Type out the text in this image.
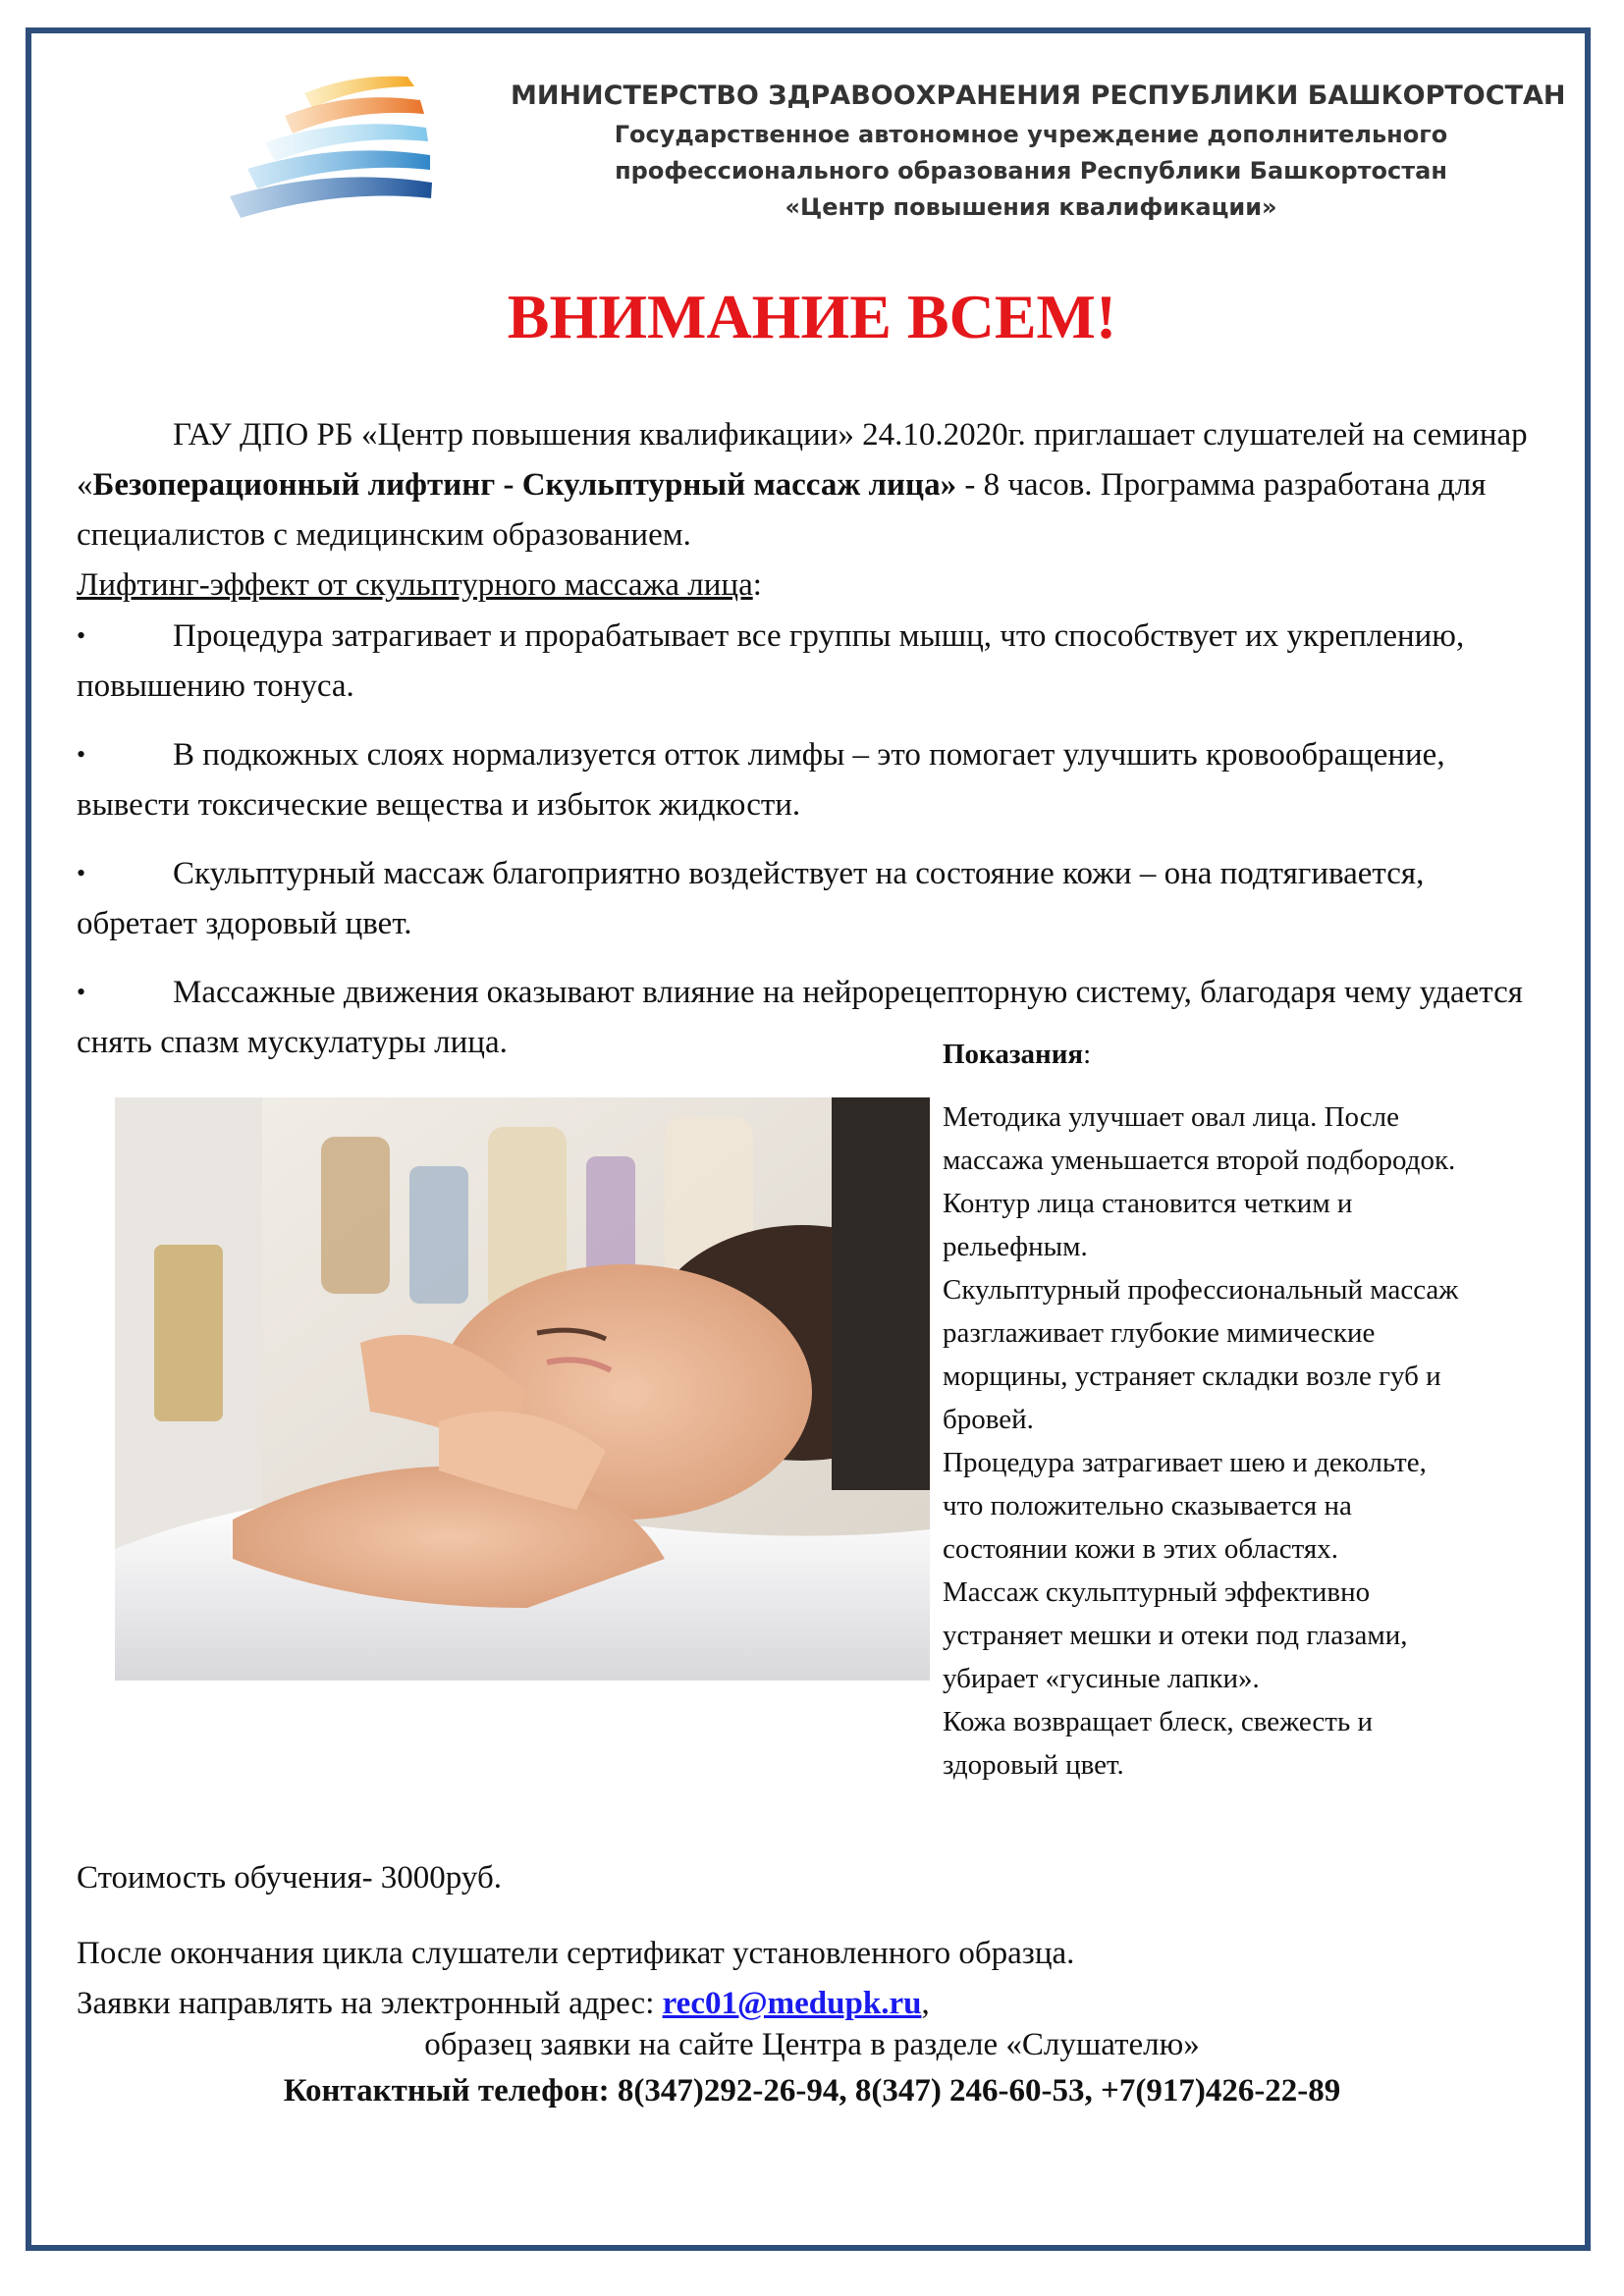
МИНИСТЕРСТВО ЗДРАВООХРАНЕНИЯ РЕСПУБЛИКИ БАШКОРТОСТАН
Государственное автономное учреждение дополнительного
профессионального образования Республики Башкортостан
«Центр повышения квалификации»
ВНИМАНИЕ ВСЕМ!
ГАУ ДПО РБ «Центр повышения квалификации» 24.10.2020г. приглашает слушателей на семинар «Безоперационный лифтинг - Скульптурный массаж лица» - 8 часов. Программа разработана для специалистов с медицинским образованием.
Лифтинг-эффект от скульптурного массажа лица:
•	Процедура затрагивает и прорабатывает все группы мышц, что способствует их укреплению, повышению тонуса.
•	В подкожных слоях нормализуется отток лимфы – это помогает улучшить кровообращение, вывести токсические вещества и избыток жидкости.
•	Скульптурный массаж благоприятно воздействует на состояние кожи – она подтягивается, обретает здоровый цвет.
•	Массажные движения оказывают влияние на нейрорецепторную систему, благодаря чему удается снять спазм мускулатуры лица.	Показания:
Методика улучшает овал лица. После
массажа уменьшается второй подбородок.
Контур лица становится четким и
рельефным.
Скульптурный профессиональный массаж
разглаживает глубокие мимические
морщины, устраняет складки возле губ и
бровей.
Процедура затрагивает шею и декольте,
что положительно сказывается на
состоянии кожи в этих областях.
Массаж скульптурный эффективно
устраняет мешки и отеки под глазами,
убирает «гусиные лапки».
Кожа возвращает блеск, свежесть и
здоровый цвет.
Стоимость обучения- 3000руб.
После окончания цикла слушатели сертификат установленного образца.
Заявки направлять на электронный адрес: rec01@medupk.ru,
образец заявки на сайте Центра в разделе «Слушателю»
Контактный телефон: 8(347)292-26-94, 8(347) 246-60-53, +7(917)426-22-89
